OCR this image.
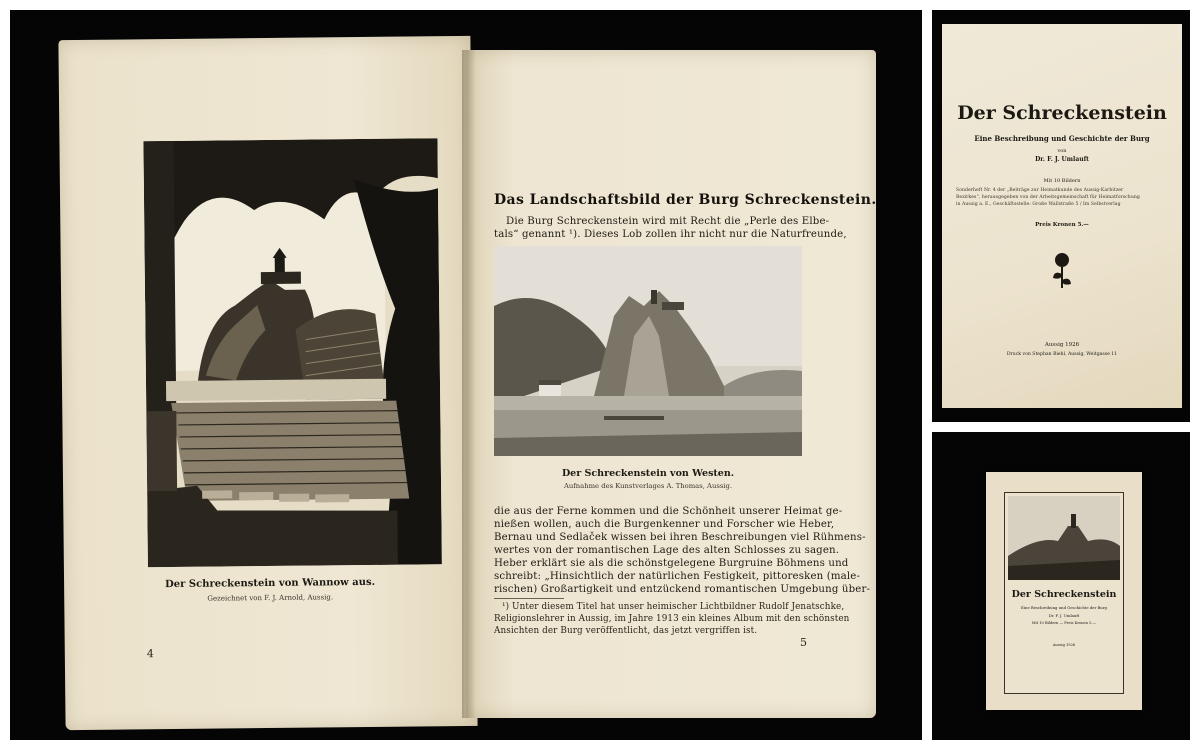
Der Schreckenstein von Wannow aus.
Gezeichnet von F. J. Arnold, Aussig.
4
Das Landschaftsbild der Burg Schreckenstein.
Die Burg Schreckenstein wird mit Recht die „Perle des Elbe-
tals“ genannt ¹). Dieses Lob zollen ihr nicht nur die Naturfreunde,
Der Schreckenstein von Westen.
Aufnahme des Kunstverlages A. Thomas, Aussig.
die aus der Ferne kommen und die Schönheit unserer Heimat ge-
nießen wollen, auch die Burgenkenner und Forscher wie Heber,
Bernau und Sedlaček wissen bei ihren Beschreibungen viel Rühmens-
wertes von der romantischen Lage des alten Schlosses zu sagen.
Heber erklärt sie als die schönstgelegene Burgruine Böhmens und
schreibt: „Hinsichtlich der natürlichen Festigkeit, pittoresken (male-
rischen) Großartigkeit und entzückend romantischen Umgebung über-
¹) Unter diesem Titel hat unser heimischer Lichtbildner Rudolf Jenatschke,
Religionslehrer in Aussig, im Jahre 1913 ein kleines Album mit den schönsten
Ansichten der Burg veröffentlicht, das jetzt vergriffen ist.
5
Der Schreckenstein
Eine Beschreibung und Geschichte der Burg
von
Dr. F. J. Umlauft
Mit 10 Bildern
Sonderheft Nr. 4 der „Beiträge zur Heimatkunde des Aussig-Karbitzer
Bezirkes“, herausgegeben von der Arbeitsgemeinschaft für Heimatforschung
in Aussig a. E., Geschäftsstelle: Große Wallstraße 5 / Im Selbstverlag
Preis Kronen 5.—
Aussig 1926
Druck von Stephan Biehl, Aussig, Weitgasse 11
Der Schreckenstein
Eine Beschreibung und Geschichte der Burg
Dr. F. J. Umlauft
Mit 10 Bildern — Preis Kronen 5.—
Aussig 1926
